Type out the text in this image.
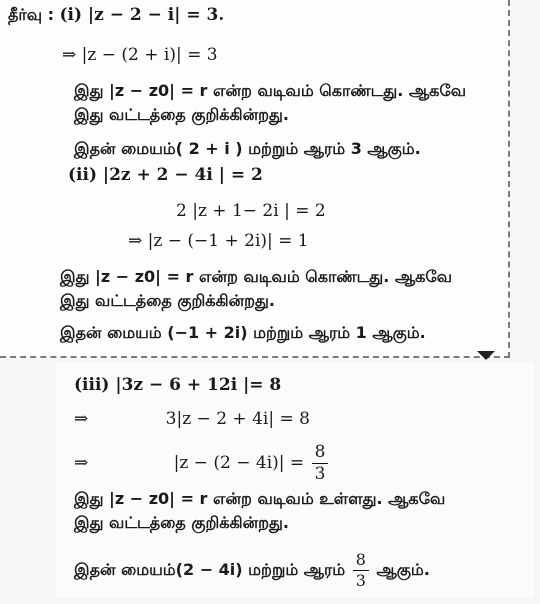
தீர்வு : (i) |z − 2 − i| = 3.
⇒ |z − (2 + i)| = 3
இது |z − z0| = r என்ற வடிவம் கொண்டது. ஆகவே
இது வட்டத்தை குறிக்கின்றது.
இதன் மையம்( 2 + i ) மற்றும் ஆரம் 3 ஆகும்.
(ii) |2z + 2 − 4i | = 2
2 |z + 1− 2i | = 2
⇒ |z − (−1 + 2i)| = 1
இது |z − z0| = r என்ற வடிவம் கொண்டது. ஆகவே
இது வட்டத்தை குறிக்கின்றது.
இதன் மையம் (−1 + 2i) மற்றும் ஆரம் 1 ஆகும்.
(iii) |3z − 6 + 12i |= 8
⇒	3|z − 2 + 4i| = 8
⇒	$|z - (2 - 4i)| = \frac{8}{3}$
இது |z − z0| = r என்ற வடிவம் உள்ளது. ஆகவே
இது வட்டத்தை குறிக்கின்றது.
இதன் மையம்(2 − 4i) மற்றும் ஆரம் $\frac{8}{3}$ ஆகும்.
